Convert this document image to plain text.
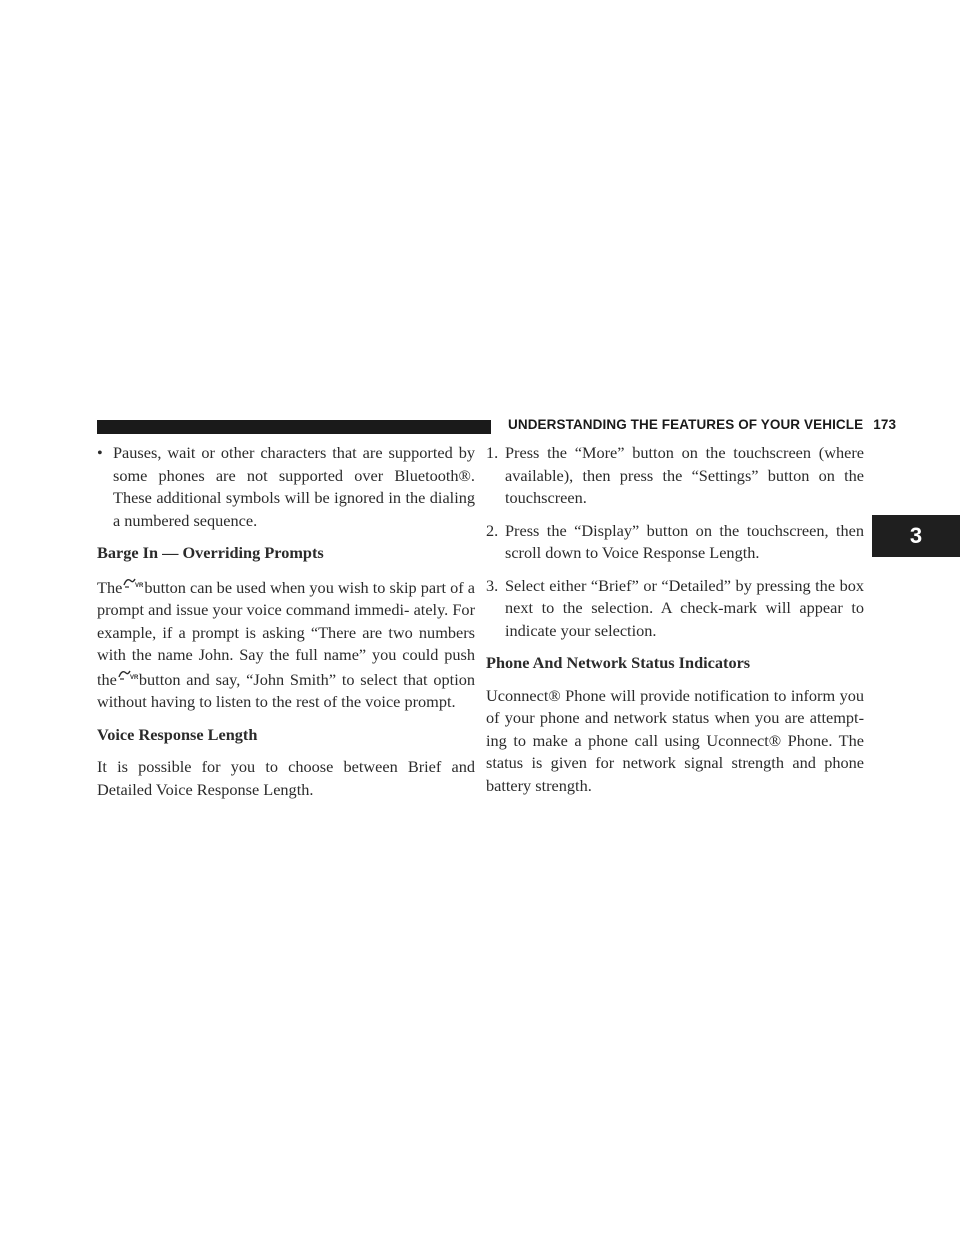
UNDERSTANDING THE FEATURES OF YOUR VEHICLE 173
3
• Pauses, wait or other characters that are supported by some phones are not supported over Bluetooth®. These additional symbols will be ignored in the dialing a numbered sequence.
Barge In — Overriding Prompts

The VR button can be used when you wish to skip part of a prompt and issue your voice command immedi- ately. For example, if a prompt is asking “There are two numbers with the name John. Say the full name” you could push the VR button and say, “John Smith” to select that option without having to listen to the rest of the voice prompt.

Voice Response Length

It is possible for you to choose between Brief and Detailed Voice Response Length.

1. Press the “More” button on the touchscreen (where available), then press the “Settings” button on the touchscreen.
2. Press the “Display” button on the touchscreen, then scroll down to Voice Response Length.
3. Select either “Brief” or “Detailed” by pressing the box next to the selection. A check-mark will appear to indicate your selection.
Phone And Network Status Indicators

Uconnect® Phone will provide notification to inform you of your phone and network status when you are attempt- ing to make a phone call using Uconnect® Phone. The status is given for network signal strength and phone battery strength.
